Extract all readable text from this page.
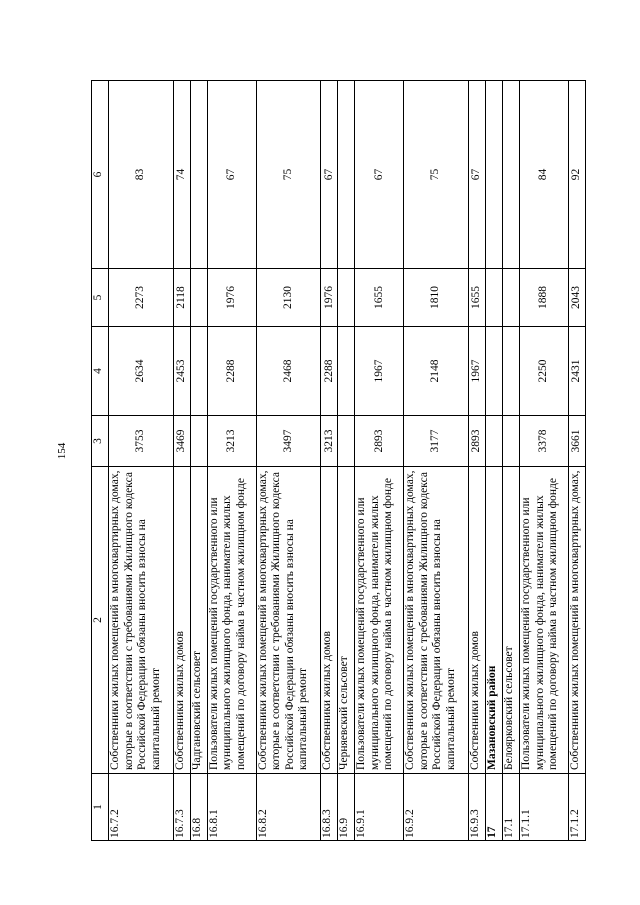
154
1	2	3	4	5	6
16.7.2	Собственники жилых помещений в многоквартирных домах, которые в соответствии с требованиями Жилищного кодекса Российской Федерации обязаны вносить взносы на капитальный ремонт	3753	2634	2273	83
16.7.3	Собственники жилых домов	3469	2453	2118	74
16.8	Чадгановский сельсовет				
16.8.1	Пользователи жилых помещений государственного или муниципального жилищного фонда, наниматели жилых помещений по договору найма в частном жилищном фонде	3213	2288	1976	67
16.8.2	Собственники жилых помещений в многоквартирных домах, которые в соответствии с требованиями Жилищного кодекса Российской Федерации обязаны вносить взносы на капитальный ремонт	3497	2468	2130	75
16.8.3	Собственники жилых домов	3213	2288	1976	67
16.9	Черняевский сельсовет				
16.9.1	Пользователи жилых помещений государственного или муниципального жилищного фонда, наниматели жилых помещений по договору найма в частном жилищном фонде	2893	1967	1655	67
16.9.2	Собственники жилых помещений в многоквартирных домах, которые в соответствии с требованиями Жилищного кодекса Российской Федерации обязаны вносить взносы на капитальный ремонт	3177	2148	1810	75
16.9.3	Собственники жилых домов	2893	1967	1655	67
17	Мазановский район				
17.1	Белоярковский сельсовет				
17.1.1	Пользователи жилых помещений государственного или муниципального жилищного фонда, наниматели жилых помещений по договору найма в частном жилищном фонде	3378	2250	1888	84
17.1.2	Собственники жилых помещений в многоквартирных домах,	3661	2431	2043	92
